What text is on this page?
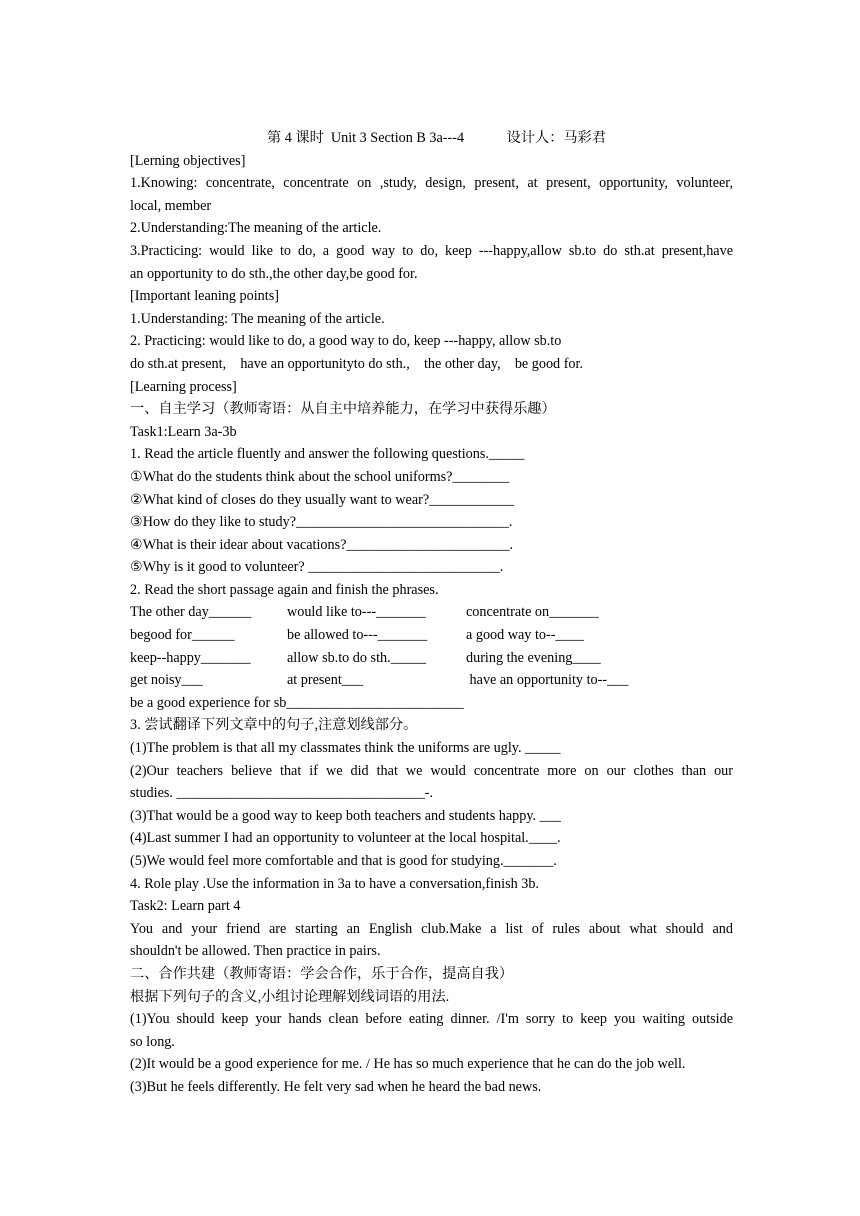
第 4 课时  Unit 3 Section B 3a---4            设计人：马彩君
[Lerning objectives]
1.Knowing: concentrate, concentrate on ,study, design, present, at present, opportunity, volunteer,
local, member
2.Understanding:The meaning of the article.
3.Practicing: would like to do, a good way to do, keep ---happy,allow sb.to do sth.at present,have
an opportunity to do sth.,the other day,be good for.
[Important leaning points]
1.Understanding: The meaning of the article.
2. Practicing: would like to do, a good way to do, keep ---happy, allow sb.to
do sth.at present,    have an opportunityto do sth.,    the other day,    be good for.
[Learning process]
一、自主学习（教师寄语：从自主中培养能力，在学习中获得乐趣）
Task1:Learn 3a-3b
1. Read the article fluently and answer the following questions._____
①What do the students think about the school uniforms?________
②What kind of closes do they usually want to wear?____________
③How do they like to study?______________________________.
④What is their idear about vacations?_______________________.
⑤Why is it good to volunteer? ___________________________.
2. Read the short passage again and finish the phrases.
The other day______	would like to---_______	concentrate on_______
begood for______	be allowed to---_______	a good way to--____
keep--happy_______	allow sb.to do sth._____	during the evening____
get noisy___	at present___	have an opportunity to--___
be a good experience for sb_________________________
3. 尝试翻译下列文章中的句子,注意划线部分。
(1)The problem is that all my classmates think the uniforms are ugly. _____
(2)Our teachers believe that if we did that we would concentrate more on our clothes than our
studies. ___________________________________-.
(3)That would be a good way to keep both teachers and students happy. ___
(4)Last summer I had an opportunity to volunteer at the local hospital.____.
(5)We would feel more comfortable and that is good for studying._______.
4. Role play .Use the information in 3a to have a conversation,finish 3b.
Task2: Learn part 4
You and your friend are starting an English club.Make a list of rules about what should and
shouldn't be allowed. Then practice in pairs.
二、合作共建（教师寄语：学会合作，乐于合作，提高自我）
根据下列句子的含义,小组讨论理解划线词语的用法.
(1)You should keep your hands clean before eating dinner. /I'm sorry to keep you waiting outside
so long.
(2)It would be a good experience for me. / He has so much experience that he can do the job well.
(3)But he feels differently. He felt very sad when he heard the bad news.
